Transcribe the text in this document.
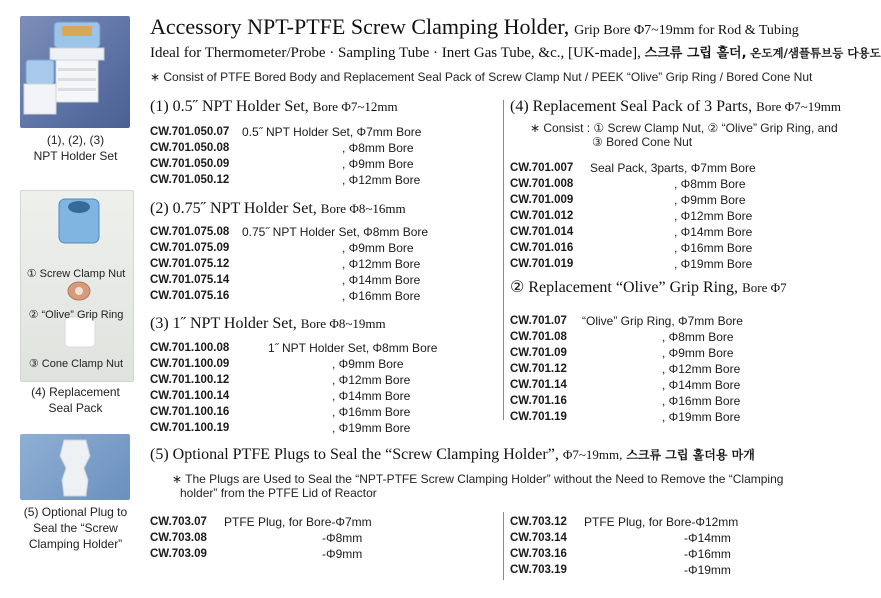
Accessory NPT-PTFE Screw Clamping Holder, Grip Bore Φ7~19mm for Rod & Tubing
Ideal for Thermometer/Probe · Sampling Tube · Inert Gas Tube, &c., [UK-made], 스크류 그립 홀더, 온도계/샘플튜브등 다용도
∗ Consist of PTFE Bored Body and Replacement Seal Pack of Screw Clamp Nut / PEEK “Olive” Grip Ring / Bored Cone Nut
(1), (2), (3)
NPT Holder Set
① Screw Clamp Nut
② “Olive” Grip Ring
③ Cone Clamp Nut
(4) Replacement
Seal Pack
(5) Optional Plug to
Seal the “Screw
Clamping Holder”
(1) 0.5˝ NPT Holder Set, Bore Φ7~12mm
CW.701.050.07 0.5˝ NPT Holder Set, Φ7mm Bore
CW.701.050.08	, Φ8mm Bore
CW.701.050.09	, Φ9mm Bore
CW.701.050.12	, Φ12mm Bore
(2) 0.75˝ NPT Holder Set, Bore Φ8~16mm
CW.701.075.08 0.75˝ NPT Holder Set, Φ8mm Bore
CW.701.075.09	, Φ9mm Bore
CW.701.075.12	, Φ12mm Bore
CW.701.075.14	, Φ14mm Bore
CW.701.075.16	, Φ16mm Bore
(3) 1˝ NPT Holder Set, Bore Φ8~19mm
CW.701.100.08	1˝ NPT Holder Set, Φ8mm Bore
CW.701.100.09	, Φ9mm Bore
CW.701.100.12	, Φ12mm Bore
CW.701.100.14	, Φ14mm Bore
CW.701.100.16	, Φ16mm Bore
CW.701.100.19	, Φ19mm Bore
(4) Replacement Seal Pack of 3 Parts, Bore Φ7~19mm
∗ Consist : ① Screw Clamp Nut, ② “Olive” Grip Ring, and
③ Bored Cone Nut
CW.701.007 Seal Pack, 3parts, Φ7mm Bore
CW.701.008	, Φ8mm Bore
CW.701.009	, Φ9mm Bore
CW.701.012	, Φ12mm Bore
CW.701.014	, Φ14mm Bore
CW.701.016	, Φ16mm Bore
CW.701.019	, Φ19mm Bore
② Replacement “Olive” Grip Ring, Bore Φ7
CW.701.07 “Olive” Grip Ring, Φ7mm Bore
CW.701.08	, Φ8mm Bore
CW.701.09	, Φ9mm Bore
CW.701.12	, Φ12mm Bore
CW.701.14	, Φ14mm Bore
CW.701.16	, Φ16mm Bore
CW.701.19	, Φ19mm Bore
(5) Optional PTFE Plugs to Seal the “Screw Clamping Holder”, Φ7~19mm, 스크류 그립 홀더용 마개
∗ The Plugs are Used to Seal the “NPT-PTFE Screw Clamping Holder” without the Need to Remove the “Clamping
holder” from the PTFE Lid of Reactor
CW.703.07 PTFE Plug, for Bore-Φ7mm
CW.703.08	-Φ8mm
CW.703.09	-Φ9mm
CW.703.12 PTFE Plug, for Bore-Φ12mm
CW.703.14	-Φ14mm
CW.703.16	-Φ16mm
CW.703.19	-Φ19mm
